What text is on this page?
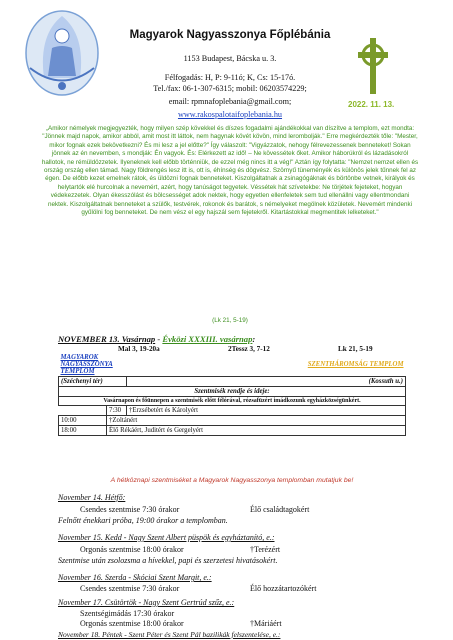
Magyarok Nagyasszonya Főplébánia
1153 Budapest, Bácska u. 3.
Félfogadás: H, P: 9-11ó; K, Cs: 15-17ó.
Tel./fax: 06-1-307-6315; mobil: 06203574229;
email: rpmnafoplebania@gmail.com;
www.rakospalotaifoplebania.hu
2022. 11. 13.
„Amikor némelyek megjegyezték, hogy milyen szép kövekkel és díszes fogadalmi ajándékokkal van díszítve a templom, ezt mondta: "Jönnek majd napok, amikor abból, amit most itt láttok, nem hagynak kövét kövön, mind lerombolják." Erre megkérdezték tőle: "Mester, mikor fognak ezek bekövetkezni? És mi lesz a jel előtte?" Így válaszolt: "Vigyázzatok, nehogy félrevezessenek benneteket! Sokan jönnek az én nevemben, s mondják: Én vagyok. És: Elérkezett az idő! – Ne kövessétek őket. Amikor háborúkról és lázadásokról hallotok, ne rémüldözzetek. Ilyeneknek kell előbb történniük, de ezzel még nincs itt a vég!" Aztán így folytatta: "Nemzet nemzet ellen és ország ország ellen támad. Nagy földrengés lesz itt is, ott is, éhínség és dögvész. Szörnyű tüneményék és különös jelek tűnnek fel az égen. De előbb kezet emelnek rátok, és üldözni fognak benneteket. Kiszolgáltatnak a zsinagógáknak és börtönbe vetnek, királyok és helytartók elé hurcolnak a nevemért, azért, hogy tanúságot tegyetek. Véssétek hát szívetekbe: Ne törjétek fejeteket, hogyan védekezzetek. Olyan ékesszólást és bölcsességet adok nektek, hogy egyetlen ellenfeletek sem tud ellenállni vagy ellentmondani nektek. Kiszolgáltatnak benneteket a szülők, testvérek, rokonok és barátok, s némelyeket megölnek közületek. Nevemért mindenki gyűlölni fog benneteket. De nem vész el egy hajszál sem fejetekről. Kitartástokkal megmentitek lelketeket."
(Lk 21, 5-19)
NOVEMBER 13. Vasárnap - Évközi XXXIII. vasárnap:
Mal 3, 19-20a	2Tessz 3, 7-12	Lk 21, 5-19
MAGYAROK NAGYASSZONYA TEMPLOM		SZENTHÁROMSÁG TEMPLOM
(Széchenyi tér)		(Kossuth u.)
Szentmisék rendje és ideje:		
Vasárnapon és főünnepen a szentmisék előtt félórával, rózsafüzért imádkozunk egyházközségünkért.		
	7:30	†Erzsébetért és Károlyért
10:00	†Zoltánért	
18:00	Élő Rékáért, Juditért és Gergelyért	
A hétköznapi szentmiséket a Magyarok Nagyasszonya templomban mutatjuk be!
November 14. Hétfő:
Csendes szentmise 7:30 órakor	Élő családtagokért
Felnőtt énekkari próba, 19:00 órakor a templomban.
November 15. Kedd - Nagy Szent Albert püspök és egyháztanító, e.:
Orgonás szentmise 18:00 órakor	†Terézért
Szentmise után zsolozsma a hívekkel, papi és szerzetesi hivatásokért.
November 16. Szerda - Skóciai Szent Margit, e.:
Csendes szentmise 7:30 órakor	Élő hozzátartozókért
November 17. Csütörtök - Nagy Szent Gertrúd szűz, e.:
Szentségimádás 17:30 órakor
Orgonás szentmise 18:00 órakor	†Máriáért
November 18. Péntek - Szent Péter és Szent Pál bazilikák felszentelése, e.:
